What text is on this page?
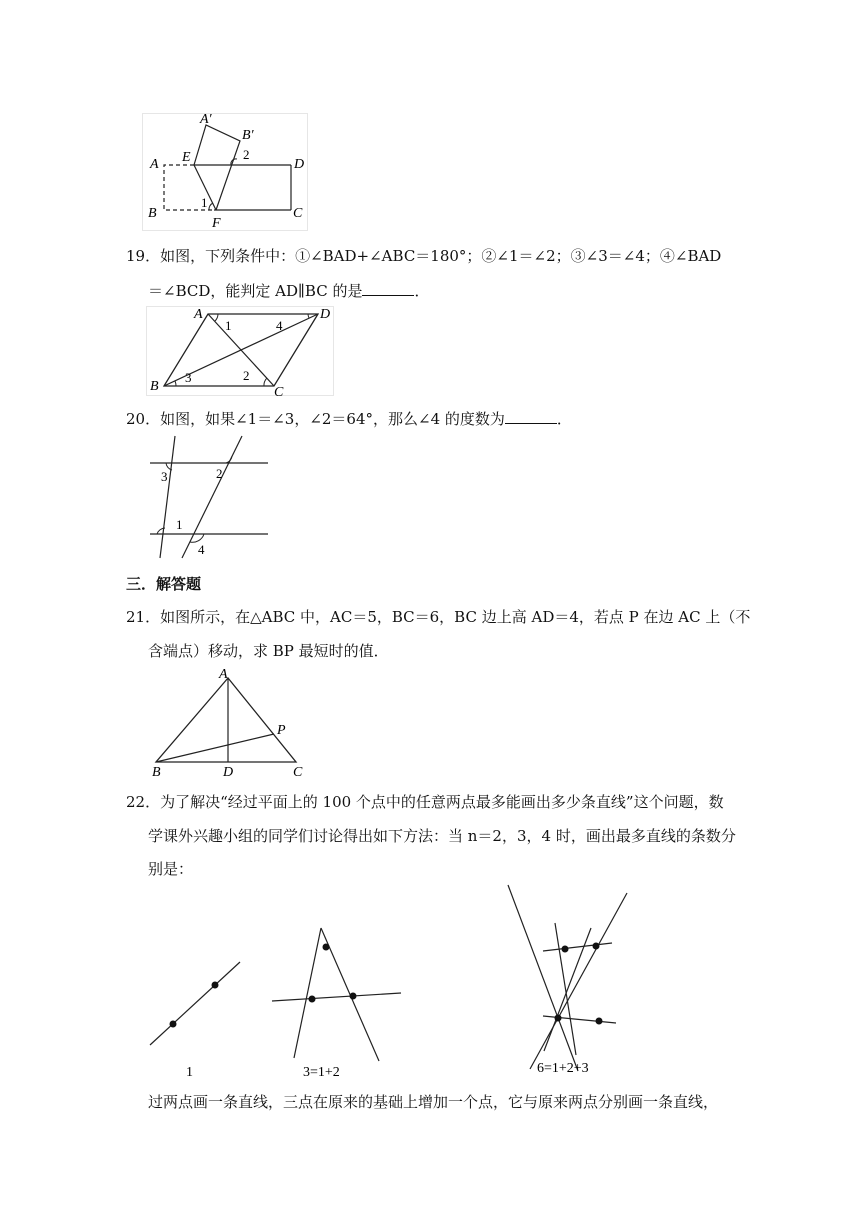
A′
B′
A E	2
D
B
1
F
C
19．如图，下列条件中：①∠BAD+∠ABC＝180°；②∠1＝∠2；③∠3＝∠4；④∠BAD
＝∠BCD，能判定 AD∥BC 的是	．
A	D
B	C
1	4
3	2
20．如图，如果∠1＝∠3，∠2＝64°，那么∠4 的度数为	．
3	2
1
4
三．解答题
21．如图所示，在△ABC 中，AC＝5，BC＝6，BC 边上高 AD＝4，若点 P 在边 AC 上（不
含端点）移动，求 BP 最短时的值．
A
P
B	D	C
22．为了解决“经过平面上的 100 个点中的任意两点最多能画出多少条直线”这个问题，数
学课外兴趣小组的同学们讨论得出如下方法：当 n＝2，3，4 时，画出最多直线的条数分
别是：
1	3=1+2	6=1+2+3
过两点画一条直线，三点在原来的基础上增加一个点，它与原来两点分别画一条直线，
